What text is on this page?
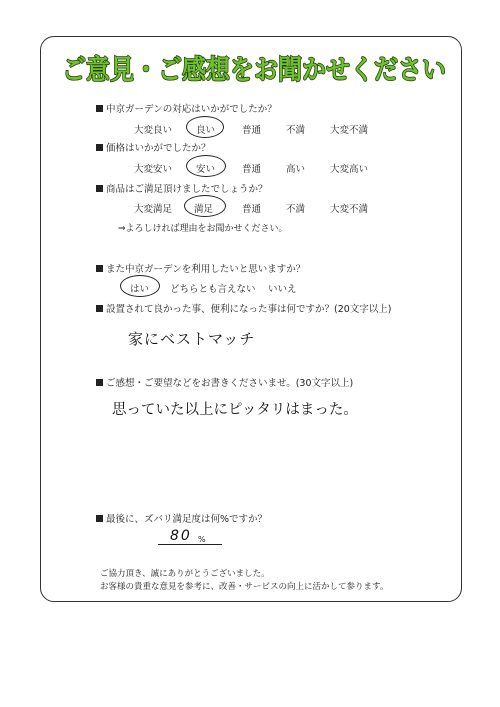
ご意見・ご感想をお聞かせください
中京ガーデンの対応はいかがでしたか？
大変良い	良い	普通	不満	大変不満
価格はいかがでしたか？
大変安い	安い	普通	高い	大変高い
商品はご満足頂けましたでしょうか？
大変満足 満足	普通	不満	大変不満
⇒よろしければ理由をお聞かせください。
また中京ガーデンを利用したいと思いますか？
はい どちらとも言えない いいえ
設置されて良かった事、便利になった事は何ですか？(20文字以上)
家にベストマッチ
ご感想・ご要望などをお書きくださいませ。(30文字以上)
思っていた以上にピッタリはまった。
最後に、ズバリ満足度は何%ですか？
80 %
ご協力頂き、誠にありがとうございました。
お客様の貴重な意見を参考に、改善・サービスの向上に活かして参ります。
